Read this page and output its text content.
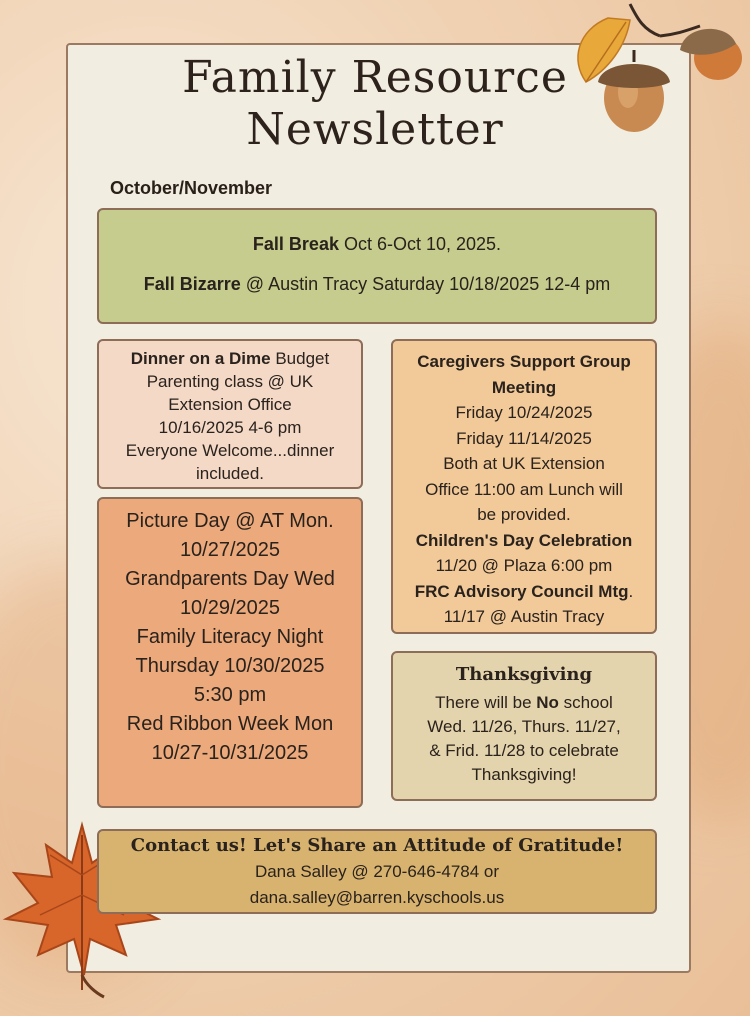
Family Resource
Newsletter
October/November

Fall Break Oct 6-Oct 10, 2025.

Fall Bizarre @ Austin Tracy Saturday 10/18/2025 12-4 pm

Dinner on a Dime Budget
Parenting class @ UK
Extension Office
10/16/2025 4-6 pm
Everyone Welcome...dinner
included.
Picture Day @ AT Mon.
10/27/2025
Grandparents Day Wed
10/29/2025
Family Literacy Night
Thursday 10/30/2025
5:30 pm
Red Ribbon Week Mon
10/27-10/31/2025
Caregivers Support Group
Meeting
Friday 10/24/2025
Friday 11/14/2025
Both at UK Extension
Office 11:00 am Lunch will
be provided.
Children's Day Celebration
11/20 @ Plaza 6:00 pm
FRC Advisory Council Mtg.
11/17 @ Austin Tracy
Thanksgiving
There will be No school
Wed. 11/26, Thurs. 11/27,
& Frid. 11/28 to celebrate
Thanksgiving!
Contact us! Let's Share an Attitude of Gratitude!
Dana Salley @ 270-646-4784 or
dana.salley@barren.kyschools.us
